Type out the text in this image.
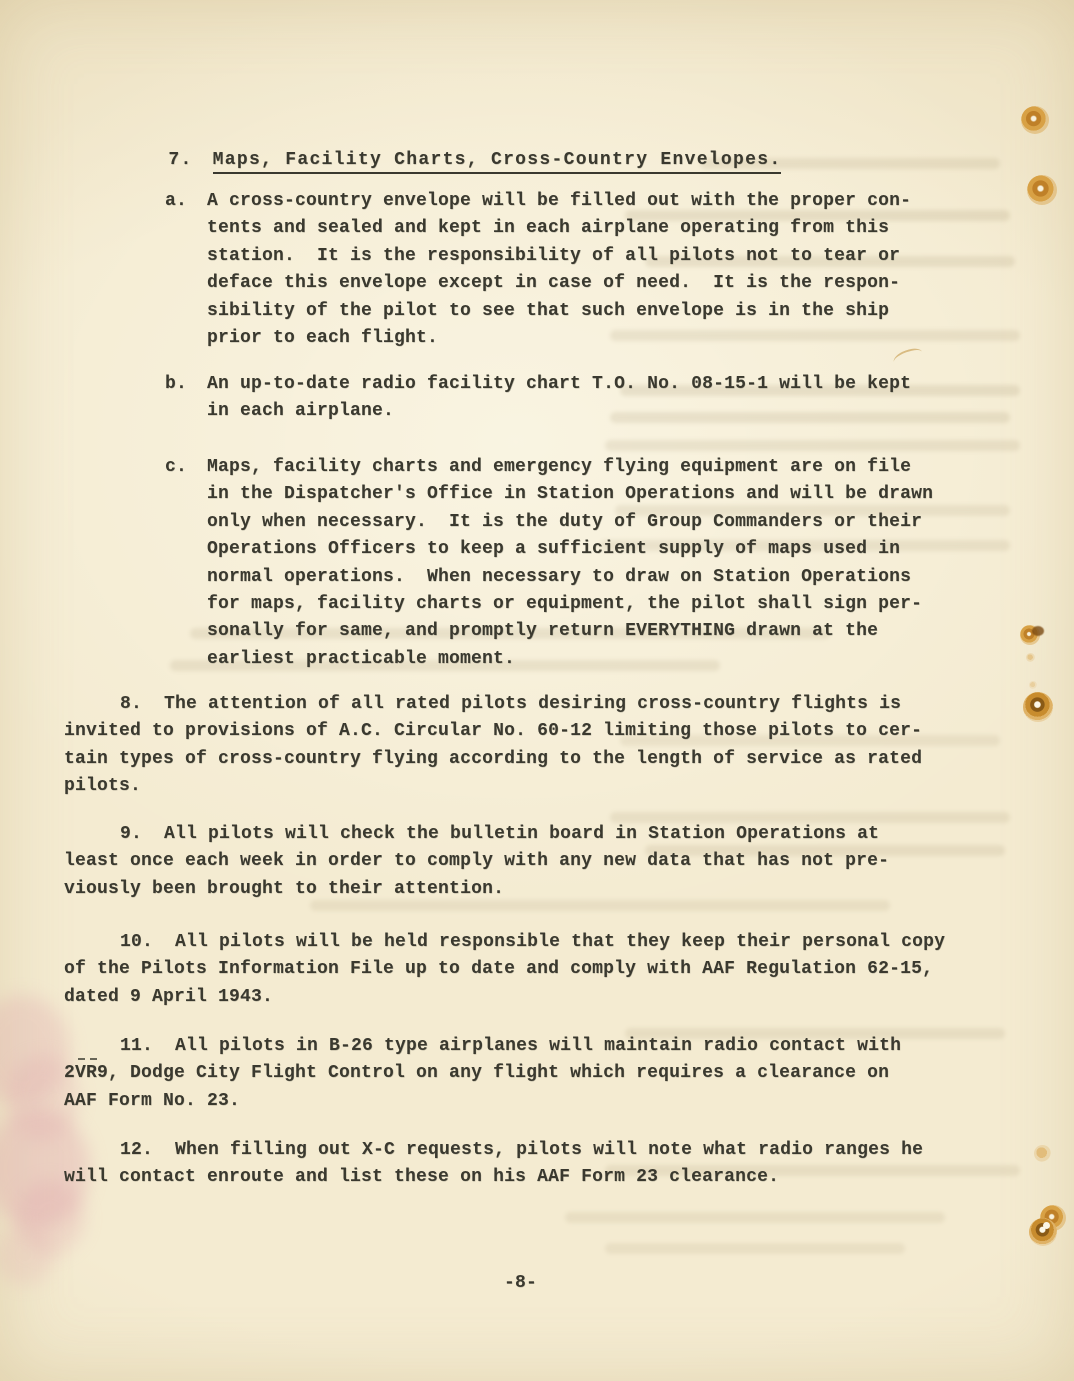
7. Maps, Facility Charts, Cross-Country Envelopes.

a.	A cross-country envelope will be filled out with the proper con-
tents and sealed and kept in each airplane operating from this
station.  It is the responsibility of all pilots not to tear or
deface this envelope except in case of need.  It is the respon-
sibility of the pilot to see that such envelope is in the ship
prior to each flight.
b.	An up-to-date radio facility chart T.O. No. 08-15-1 will be kept
in each airplane.
c.	Maps, facility charts and emergency flying equipment are on file
in the Dispatcher's Office in Station Operations and will be drawn
only when necessary.  It is the duty of Group Commanders or their
Operations Officers to keep a sufficient supply of maps used in
normal operations.  When necessary to draw on Station Operations
for maps, facility charts or equipment, the pilot shall sign per-
sonally for same, and promptly return EVERYTHING drawn at the
earliest practicable moment.
8. The attention of all rated pilots desiring cross-country flights is
invited to provisions of A.C. Circular No. 60-12 limiting those pilots to cer-
tain types of cross-country flying according to the length of service as rated
pilots.
9. All pilots will check the bulletin board in Station Operations at
least once each week in order to comply with any new data that has not pre-
viously been brought to their attention.
10. All pilots will be held responsible that they keep their personal copy
of the Pilots Information File up to date and comply with AAF Regulation 62-15,
dated 9 April 1943.
11. All pilots in B-26 type airplanes will maintain radio contact with
2VR9, Dodge City Flight Control on any flight which requires a clearance on
AAF Form No. 23.
12. When filling out X-C requests, pilots will note what radio ranges he
will contact enroute and list these on his AAF Form 23 clearance.
-8-
